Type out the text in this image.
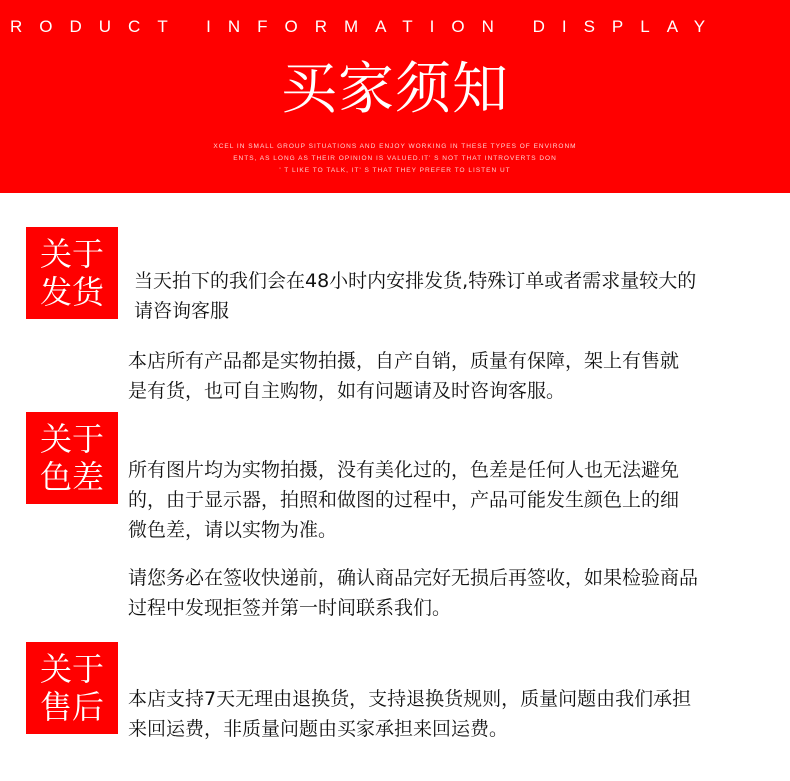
RODUCT INFORMATION DISPLAY
买家须知
XCEL IN SMALL GROUP SITUATIONS AND ENJOY WORKING IN THESE TYPES OF ENVIRONM
ENTS, AS LONG AS THEIR OPINION IS VALUED.IT' S NOT THAT INTROVERTS DON
' T LIKE TO TALK, IT' S THAT THEY PREFER TO LISTEN UT
关于
发货	当天拍下的我们会在48小时内安排发货,特殊订单或者需求量较大的
请咨询客服
本店所有产品都是实物拍摄，自产自销，质量有保障，架上有售就
是有货，也可自主购物，如有问题请及时咨询客服。
关于
色差	所有图片均为实物拍摄，没有美化过的，色差是任何人也无法避免
的，由于显示器，拍照和做图的过程中，产品可能发生颜色上的细
微色差，请以实物为准。
请您务必在签收快递前，确认商品完好无损后再签收，如果检验商品
过程中发现拒签并第一时间联系我们。
关于
售后	本店支持7天无理由退换货，支持退换货规则，质量问题由我们承担
来回运费，非质量问题由买家承担来回运费。
